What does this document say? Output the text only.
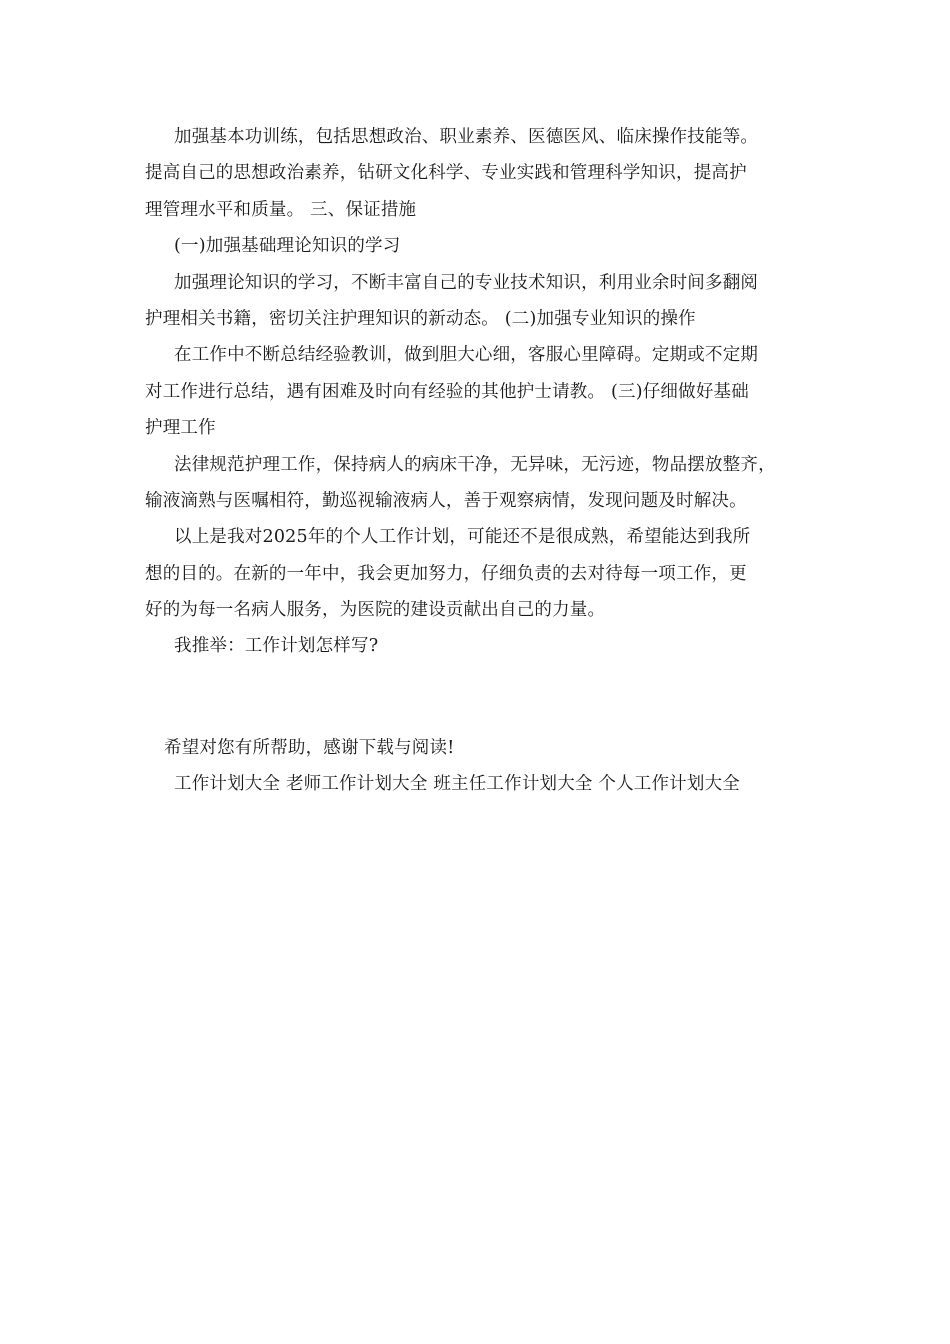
加强基本功训练，包括思想政治、职业素养、医德医风、临床操作技能等。
提高自己的思想政治素养，钻研文化科学、专业实践和管理科学知识，提高护
理管理水平和质量。 三、保证措施
(一)加强基础理论知识的学习
加强理论知识的学习，不断丰富自己的专业技术知识，利用业余时间多翻阅
护理相关书籍，密切关注护理知识的新动态。 (二)加强专业知识的操作
在工作中不断总结经验教训，做到胆大心细，客服心里障碍。定期或不定期
对工作进行总结，遇有困难及时向有经验的其他护士请教。 (三)仔细做好基础
护理工作
法律规范护理工作，保持病人的病床干净，无异味，无污迹，物品摆放整齐，
输液滴熟与医嘱相符，勤巡视输液病人，善于观察病情，发现问题及时解决。
以上是我对2025年的个人工作计划，可能还不是很成熟，希望能达到我所
想的目的。在新的一年中，我会更加努力，仔细负责的去对待每一项工作，更
好的为每一名病人服务，为医院的建设贡献出自己的力量。
我推举：工作计划怎样写?
希望对您有所帮助，感谢下载与阅读!
工作计划大全 老师工作计划大全 班主任工作计划大全 个人工作计划大全
